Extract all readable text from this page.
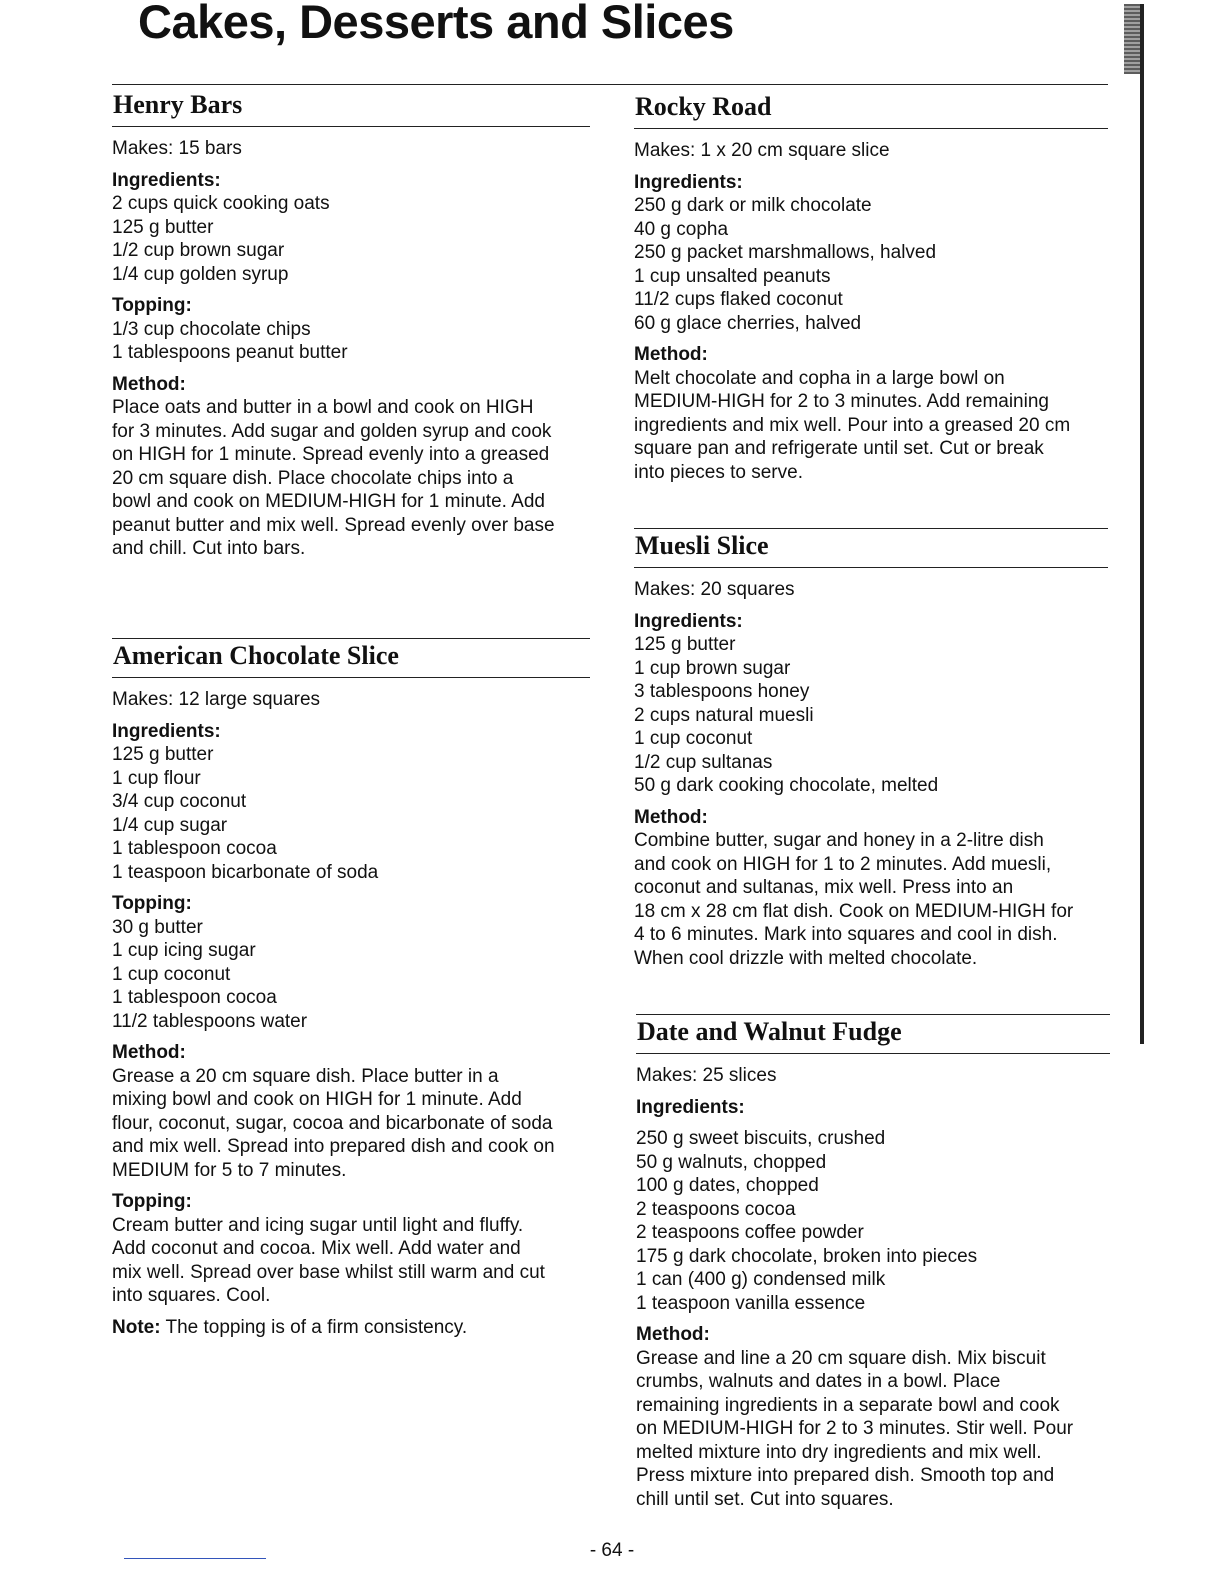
Cakes, Desserts and Slices
Henry Bars
Makes: 15 bars
Ingredients:
2 cups quick cooking oats
125 g butter
1/2 cup brown sugar
1/4 cup golden syrup
Topping:
1/3 cup chocolate chips
1 tablespoons peanut butter
Method:
Place oats and butter in a bowl and cook on HIGH
for 3 minutes. Add sugar and golden syrup and cook
on HIGH for 1 minute. Spread evenly into a greased
20 cm square dish. Place chocolate chips into a
bowl and cook on MEDIUM-HIGH for 1 minute. Add
peanut butter and mix well. Spread evenly over base
and chill. Cut into bars.
American Chocolate Slice
Makes: 12 large squares
Ingredients:
125 g butter
1 cup flour
3/4 cup coconut
1/4 cup sugar
1 tablespoon cocoa
1 teaspoon bicarbonate of soda
Topping:
30 g butter
1 cup icing sugar
1 cup coconut
1 tablespoon cocoa
11/2 tablespoons water
Method:
Grease a 20 cm square dish. Place butter in a
mixing bowl and cook on HIGH for 1 minute. Add
flour, coconut, sugar, cocoa and bicarbonate of soda
and mix well. Spread into prepared dish and cook on
MEDIUM for 5 to 7 minutes.
Topping:
Cream butter and icing sugar until light and fluffy.
Add coconut and cocoa. Mix well. Add water and
mix well. Spread over base whilst still warm and cut
into squares. Cool.
Note: The topping is of a firm consistency.
Rocky Road
Makes: 1 x 20 cm square slice
Ingredients:
250 g dark or milk chocolate
40 g copha
250 g packet marshmallows, halved
1 cup unsalted peanuts
11/2 cups flaked coconut
60 g glace cherries, halved
Method:
Melt chocolate and copha in a large bowl on
MEDIUM-HIGH for 2 to 3 minutes. Add remaining
ingredients and mix well. Pour into a greased 20 cm
square pan and refrigerate until set. Cut or break
into pieces to serve.
Muesli Slice
Makes: 20 squares
Ingredients:
125 g butter
1 cup brown sugar
3 tablespoons honey
2 cups natural muesli
1 cup coconut
1/2 cup sultanas
50 g dark cooking chocolate, melted
Method:
Combine butter, sugar and honey in a 2-litre dish
and cook on HIGH for 1 to 2 minutes. Add muesli,
coconut and sultanas, mix well. Press into an
18 cm x 28 cm flat dish. Cook on MEDIUM-HIGH for
4 to 6 minutes. Mark into squares and cool in dish.
When cool drizzle with melted chocolate.
Date and Walnut Fudge
Makes: 25 slices
Ingredients:
250 g sweet biscuits, crushed
50 g walnuts, chopped
100 g dates, chopped
2 teaspoons cocoa
2 teaspoons coffee powder
175 g dark chocolate, broken into pieces
1 can (400 g) condensed milk
1 teaspoon vanilla essence
Method:
Grease and line a 20 cm square dish. Mix biscuit
crumbs, walnuts and dates in a bowl. Place
remaining ingredients in a separate bowl and cook
on MEDIUM-HIGH for 2 to 3 minutes. Stir well. Pour
melted mixture into dry ingredients and mix well.
Press mixture into prepared dish. Smooth top and
chill until set. Cut into squares.
- 64 -
